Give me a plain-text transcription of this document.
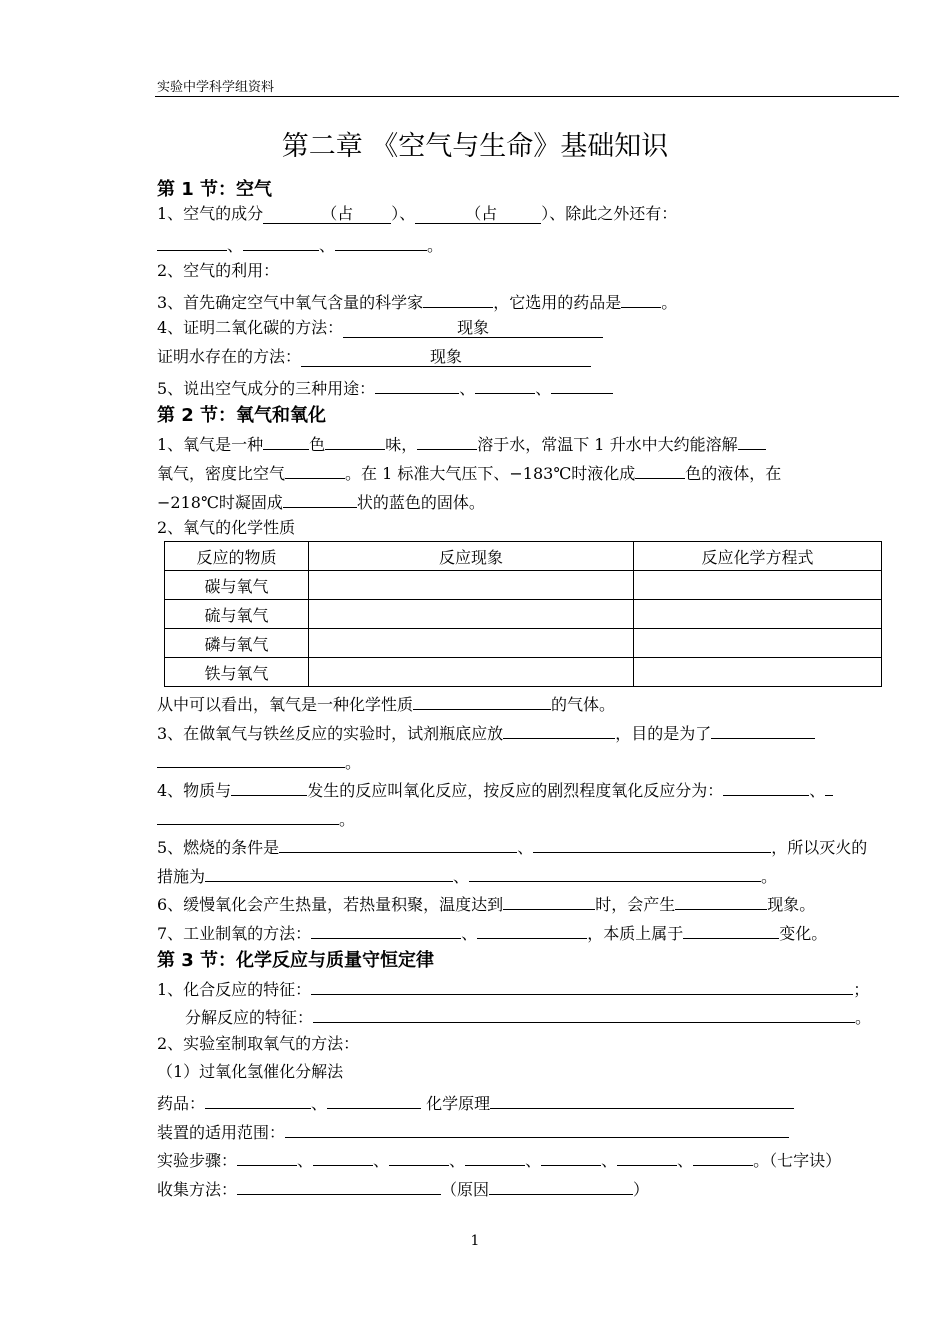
实验中学科学组资料
第二章 《空气与生命》基础知识
第 1 节：空气
1、空气的成分	（占 ）、	（占	）、除此之外还有：
、	、	。
2、空气的利用：
3、首先确定空气中氧气含量的科学家	，它选用的药品是	。
4、证明二氧化碳的方法：	现象
证明水存在的方法：	现象
5、说出空气成分的三种用途：	、	、
第 2 节：氧气和氧化
1、氧气是一种	色	味，	溶于水，常温下 1 升水中大约能溶解
氧气，密度比空气	。在 1 标准大气压下、−183℃时液化成	色的液体，在
−218℃时凝固成	状的蓝色的固体。
2、氧气的化学性质
反应的物质	反应现象	反应化学方程式
碳与氧气		
硫与氧气		
磷与氧气		
铁与氧气		
从中可以看出，氧气是一种化学性质	的气体。
3、在做氧气与铁丝反应的实验时，试剂瓶底应放	，目的是为了
。
4、物质与	发生的反应叫氧化反应，按反应的剧烈程度氧化反应分为：	、
。
5、燃烧的条件是	、	，所以灭火的
措施为	、	。
6、缓慢氧化会产生热量，若热量积聚，温度达到	时，会产生	现象。
7、工业制氧的方法：	、	，本质上属于	变化。
第 3 节：化学反应与质量守恒定律
1、化合反应的特征：	；
分解反应的特征：	。
2、实验室制取氧气的方法：
（1）过氧化氢催化分解法
药品：	、	化学原理
装置的适用范围：
实验步骤：	、	、	、	、	、	、	。（七字诀）
收集方法：	（原因	）
1
